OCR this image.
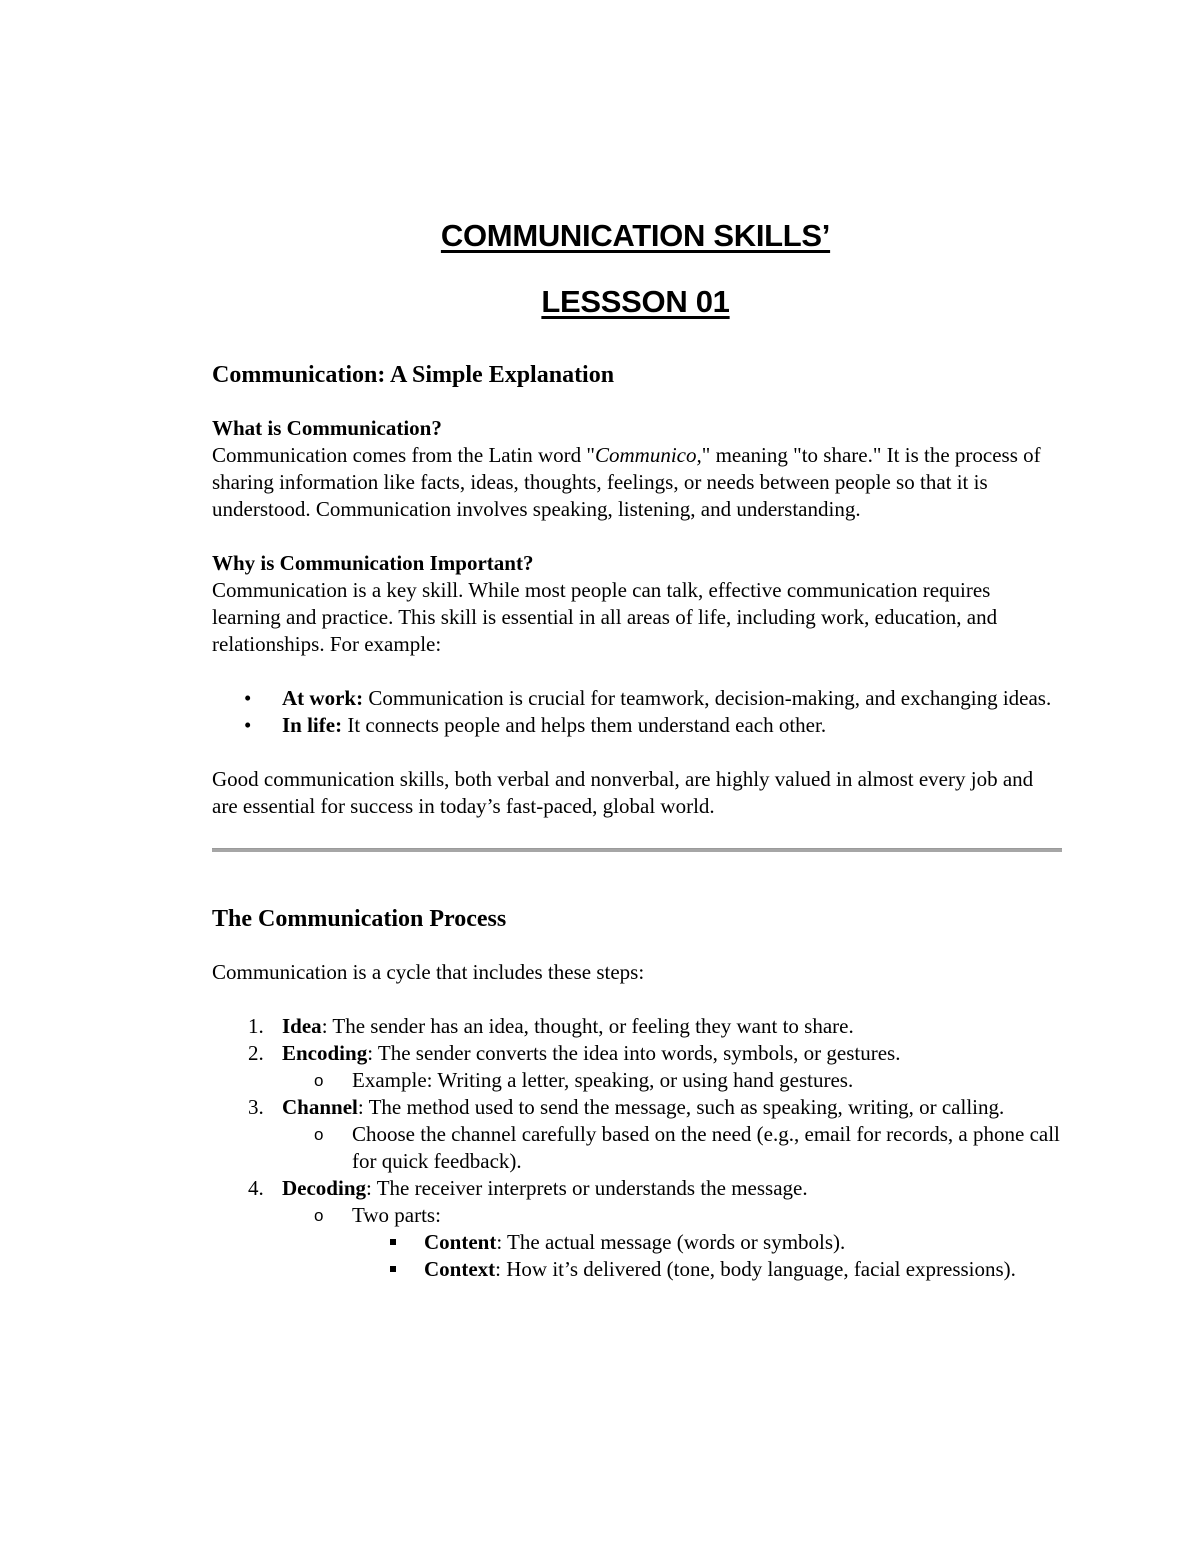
COMMUNICATION SKILLS’
LESSSON 01
Communication: A Simple Explanation

What is Communication?

Communication comes from the Latin word "Communico," meaning "to share." It is the process of sharing information like facts, ideas, thoughts, feelings, or needs between people so that it is understood. Communication involves speaking, listening, and understanding.

Why is Communication Important?

Communication is a key skill. While most people can talk, effective communication requires learning and practice. This skill is essential in all areas of life, including work, education, and relationships. For example:

• At work: Communication is crucial for teamwork, decision-making, and exchanging ideas.
• In life: It connects people and helps them understand each other.

Good communication skills, both verbal and nonverbal, are highly valued in almost every job and are essential for success in today’s fast-paced, global world.

The Communication Process

Communication is a cycle that includes these steps:

1. Idea: The sender has an idea, thought, or feeling they want to share.
2. Encoding: The sender converts the idea into words, symbols, or gestures.
o Example: Writing a letter, speaking, or using hand gestures.
3. Channel: The method used to send the message, such as speaking, writing, or calling.
o Choose the channel carefully based on the need (e.g., email for records, a phone call for quick feedback).
4. Decoding: The receiver interprets or understands the message.
o Two parts:
Content: The actual message (words or symbols).
Context: How it’s delivered (tone, body language, facial expressions).
